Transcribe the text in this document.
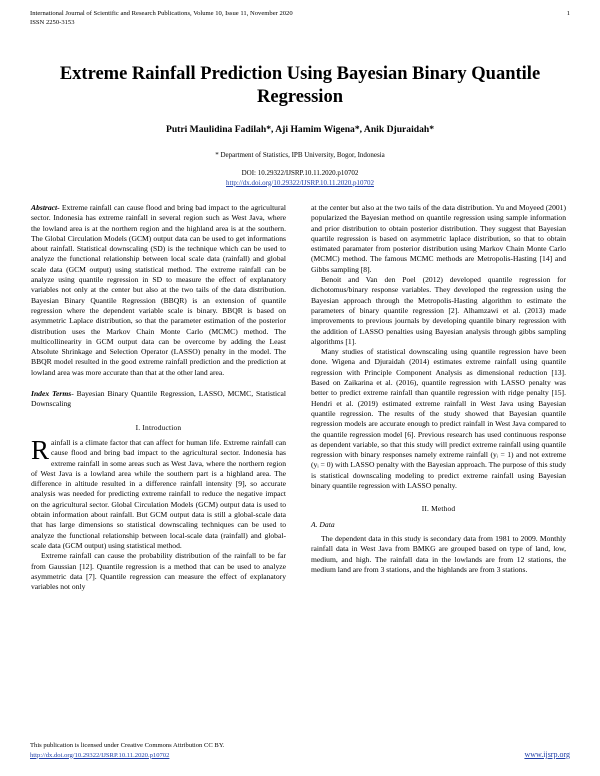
International Journal of Scientific and Research Publications, Volume 10, Issue 11, November 2020
ISSN 2250-3153
1
Extreme Rainfall Prediction Using Bayesian Binary Quantile Regression
Putri Maulidina Fadilah*, Aji Hamim Wigena*, Anik Djuraidah*
* Department of Statistics, IPB University, Bogor, Indonesia
DOI: 10.29322/IJSRP.10.11.2020.p10702
http://dx.doi.org/10.29322/IJSRP.10.11.2020.p10702

Abstract- Extreme rainfall can cause flood and bring bad impact to the agricultural sector. Indonesia has extreme rainfall in several region such as West Java, where the lowland area is at the northern region and the highland area is at the southern. The Global Circulation Models (GCM) output data can be used to get informations about rainfall. Statistical downscaling (SD) is the technique which can be used to analyze the functional relationship between local scale data (rainfall) and global scale data (GCM output) using statistical method. The extreme rainfall can be analyze using quantile regression in SD to measure the effect of explanatory variables not only at the center but also at the two tails of the data distribution. Bayesian Binary Quantile Regression (BBQR) is an extension of quantile regression where the dependent variable scale is binary. BBQR is based on asymmetric Laplace distribution, so that the parameter estimation of the posterior distribution uses the Markov Chain Monte Carlo (MCMC) method. The multicollinearity in GCM output data can be overcome by adding the Least Absolute Shrinkage and Selection Operator (LASSO) penalty in the model. The BBQR model resulted in the good extreme rainfall prediction and the prediction at lowland area was more accurate than that at the other land area.

Index Terms- Bayesian Binary Quantile Regression, LASSO, MCMC, Statistical Downscaling

I. Introduction

Rainfall is a climate factor that can affect for human life. Extreme rainfall can cause flood and bring bad impact to the agricultural sector. Indonesia has extreme rainfall in some areas such as West Java, where the northern region of West Java is a lowland area while the southern part is a highland area. The difference in altitude resulted in a difference rainfall intensity [9], so accurate analysis was needed for predicting extreme rainfall to reduce the negative impact on the agricultural sector. Global Circulation Models (GCM) output data is used to obtain information about rainfall. But GCM output data is still a global-scale data that has large dimensions so statistical downscaling techniques can be used to analyze the functional relationship between local-scale data (rainfall) and global-scale data (GCM output) using statistical method.

Extreme rainfall can cause the probability distribution of the rainfall to be far from Gaussian [12]. Quantile regression is a method that can be used to analyze asymmetric data [7]. Quantile regression can measure the effect of explanatory variables not only

at the center but also at the two tails of the data distribution. Yu and Moyeed (2001) popularized the Bayesian method on quantile regression using sample information and prior distribution to obtain posterior distribution. They suggest that Bayesian quartile regression is based on asymmetric laplace distribution, so that to obtain estimated paramater from posterior distribution using Markov Chain Monte Carlo (MCMC) method. The famous MCMC methods are Metropolis-Hasting [14] and Gibbs sampling [8].

Benoit and Van den Poel (2012) developed quantile regression for dichotomus/binary response variables. They developed the regression using the Bayesian approach through the Metropolis-Hasting algorithm to estimate the parameters of binary quantile regression [2]. Alhamzawi et al. (2013) made improvements to previous journals by developing quantile binary regression with the addition of LASSO penalties using Bayesian analysis through gibbs sampling algorithms [1].

Many studies of statistical downscaling using quantile regression have been done. Wigena and Djuraidah (2014) estimates extreme rainfall using quantile regression with Principle Component Analysis as dimensional reduction [13]. Based on Zaikarina et al. (2016), quantile regression with LASSO penalty was better to predict extreme rainfall than quantile regression with ridge penalty [15]. Hendri et al. (2019) estimated extreme rainfall in West Java using Bayesian quantile regression. The results of the study showed that Bayesian quantile regression models are accurate enough to predict rainfall in West Java compared to the quantile regression model [6]. Previous research has used continuous response as dependent variable, so that this study will predict extreme rainfall using quantile regression with binary responses namely extreme rainfall (yᵢ = 1) and not extreme (yᵢ = 0) with LASSO penalty with the Bayesian approach. The purpose of this study is statistical downscaling modeling to predict extreme rainfall using Bayesian binary quantile regression with LASSO penalty.

II. Method
A. Data

The dependent data in this study is secondary data from 1981 to 2009. Monthly rainfall data in West Java from BMKG are grouped based on type of land, low, medium, and high. The rainfall data in the lowlands are from 12 stations, the medium land are from 3 stations, and the highlands are from 3 stations.

This publication is licensed under Creative Commons Attribution CC BY.
http://dx.doi.org/10.29322/IJSRP.10.11.2020.p10702	www.ijsrp.org
